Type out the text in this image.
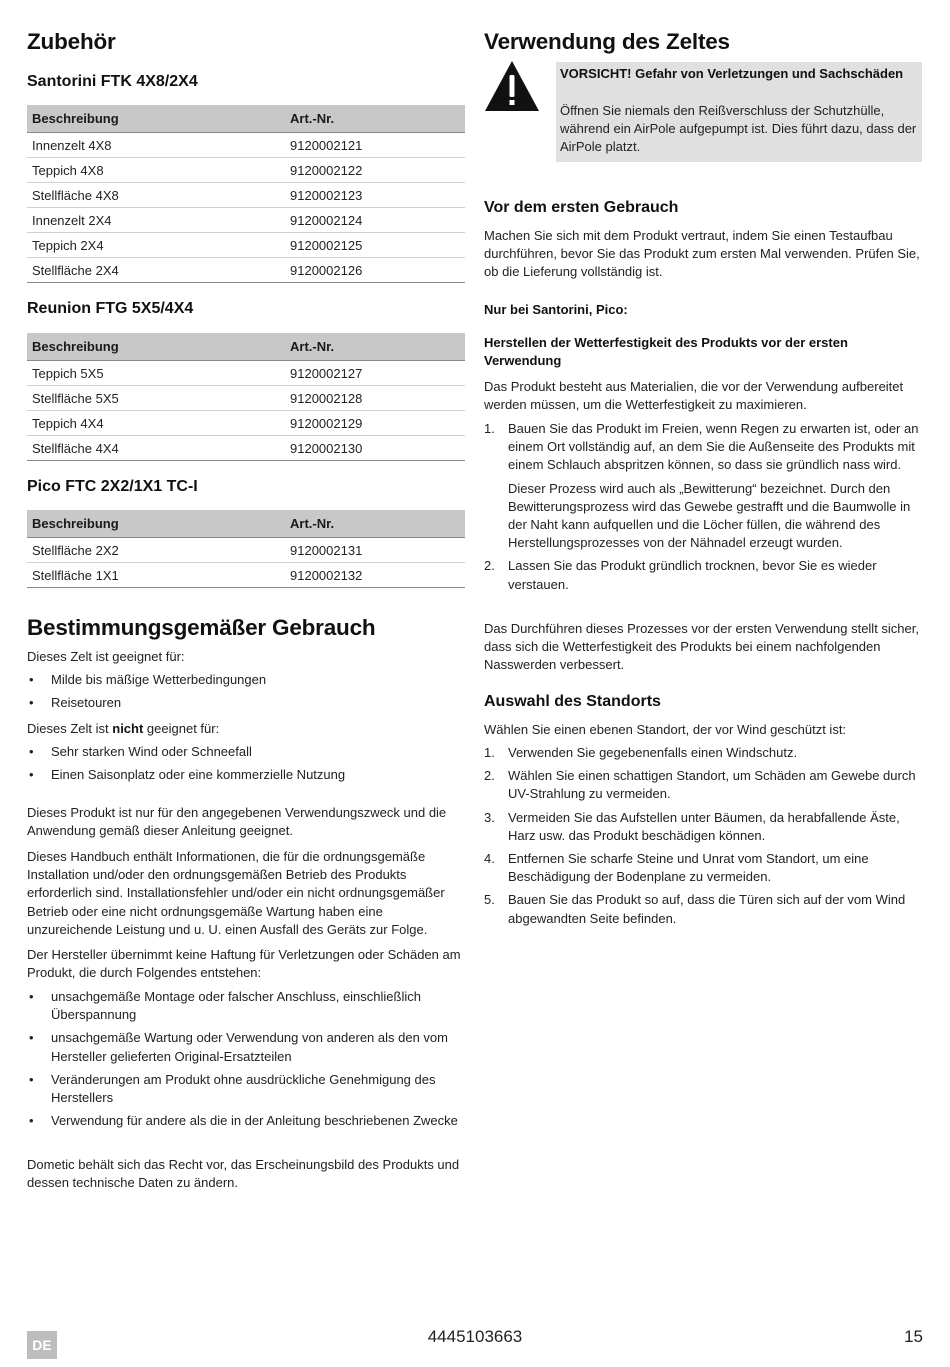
Zubehör
Santorini FTK 4X8/2X4
Beschreibung	Art.-Nr.
Innenzelt 4X8	9120002121
Teppich 4X8	9120002122
Stellfläche 4X8	9120002123
Innenzelt 2X4	9120002124
Teppich 2X4	9120002125
Stellfläche 2X4	9120002126
Reunion FTG 5X5/4X4
Beschreibung	Art.-Nr.
Teppich 5X5	9120002127
Stellfläche 5X5	9120002128
Teppich 4X4	9120002129
Stellfläche 4X4	9120002130
Pico FTC 2X2/1X1 TC-I
Beschreibung	Art.-Nr.
Stellfläche 2X2	9120002131
Stellfläche 1X1	9120002132
Bestimmungsgemäßer Gebrauch

Dieses Zelt ist geeignet für:

• Milde bis mäßige Wetterbedingungen
• Reisetouren

Dieses Zelt ist nicht geeignet für:

• Sehr starken Wind oder Schneefall
• Einen Saisonplatz oder eine kommerzielle Nutzung

Dieses Produkt ist nur für den angegebenen Verwendungszweck und die Anwendung gemäß dieser Anleitung geeignet.

Dieses Handbuch enthält Informationen, die für die ordnungsgemäße Installation und/oder den ordnungsgemäßen Betrieb des Produkts erforderlich sind. Installationsfehler und/oder ein nicht ordnungsgemäßer Betrieb oder eine nicht ordnungsgemäße Wartung haben eine unzureichende Leistung und u. U. einen Ausfall des Geräts zur Folge.

Der Hersteller übernimmt keine Haftung für Verletzungen oder Schäden am Produkt, die durch Folgendes entstehen:

• unsachgemäße Montage oder falscher Anschluss, einschließlich Überspannung
• unsachgemäße Wartung oder Verwendung von anderen als den vom Hersteller gelieferten Original-Ersatzteilen
• Veränderungen am Produkt ohne ausdrückliche Genehmigung des Herstellers
• Verwendung für andere als die in der Anleitung beschriebenen Zwecke

Dometic behält sich das Recht vor, das Erscheinungsbild des Produkts und dessen technische Daten zu ändern.

Verwendung des Zeltes
VORSICHT! Gefahr von Verletzungen und Sachschäden
Öffnen Sie niemals den Reißverschluss der Schutzhülle, während ein AirPole aufgepumpt ist. Dies führt dazu, dass der AirPole platzt.
Vor dem ersten Gebrauch

Machen Sie sich mit dem Produkt vertraut, indem Sie einen Testaufbau durchführen, bevor Sie das Produkt zum ersten Mal verwenden. Prüfen Sie, ob die Lieferung vollständig ist.

Nur bei Santorini, Pico:
Herstellen der Wetterfestigkeit des Produkts vor der ersten Verwendung

Das Produkt besteht aus Materialien, die vor der Verwendung aufbereitet werden müssen, um die Wetterfestigkeit zu maximieren.

1. Bauen Sie das Produkt im Freien, wenn Regen zu erwarten ist, oder an einem Ort vollständig auf, an dem Sie die Außenseite des Produkts mit einem Schlauch abspritzen können, so dass sie gründlich nass wird.
Dieser Prozess wird auch als „Bewitterung“ bezeichnet. Durch den Bewitterungsprozess wird das Gewebe gestrafft und die Baumwolle in der Naht kann aufquellen und die Löcher füllen, die während des Herstellungsprozesses von der Nähnadel erzeugt wurden.
2. Lassen Sie das Produkt gründlich trocknen, bevor Sie es wieder verstauen.

Das Durchführen dieses Prozesses vor der ersten Verwendung stellt sicher, dass sich die Wetterfestigkeit des Produkts bei einem nachfolgenden Nasswerden verbessert.

Auswahl des Standorts

Wählen Sie einen ebenen Standort, der vor Wind geschützt ist:

1. Verwenden Sie gegebenenfalls einen Windschutz.
2. Wählen Sie einen schattigen Standort, um Schäden am Gewebe durch UV-Strahlung zu vermeiden.
3. Vermeiden Sie das Aufstellen unter Bäumen, da herabfallende Äste, Harz usw. das Produkt beschädigen können.
4. Entfernen Sie scharfe Steine und Unrat vom Standort, um eine Beschädigung der Bodenplane zu vermeiden.
5. Bauen Sie das Produkt so auf, dass die Türen sich auf der vom Wind abgewandten Seite befinden.
DE	4445103663	15
